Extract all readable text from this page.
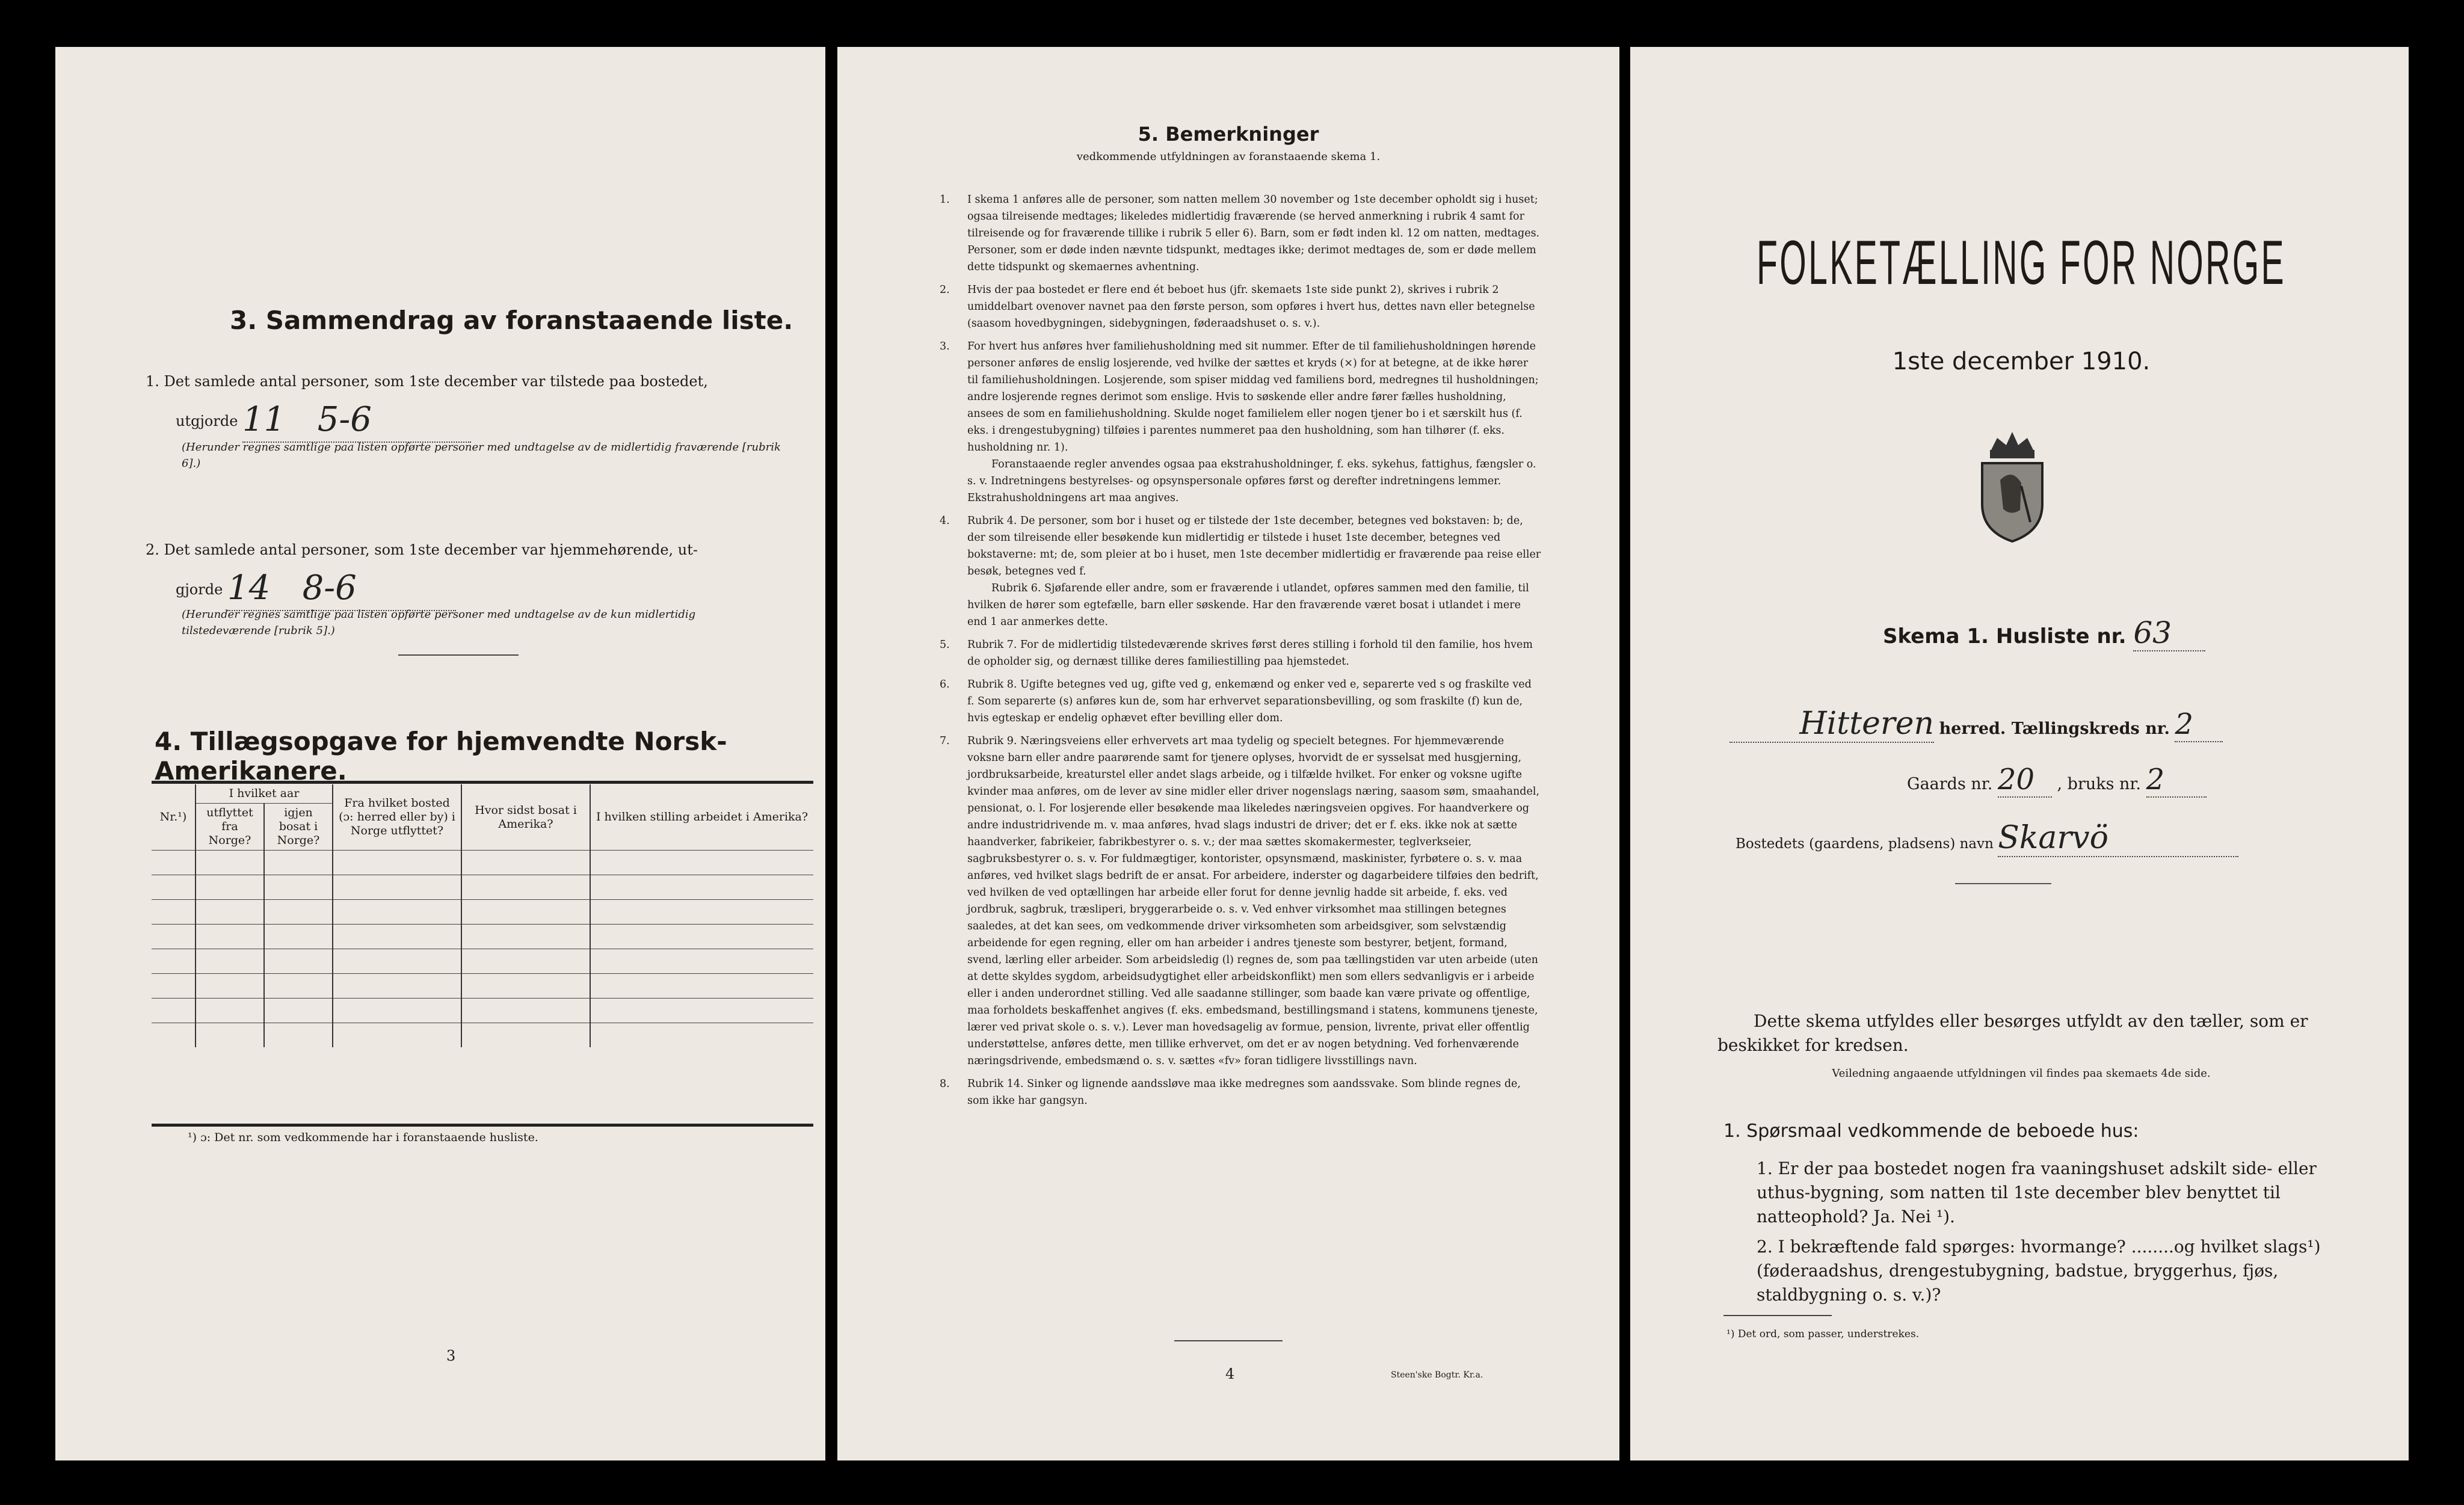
3. Sammendrag av foranstaaende liste.
1. Det samlede antal personer, som 1ste december var tilstede paa bostedet,
utgjorde 11 5-6
(Herunder regnes samtlige paa listen opførte personer med undtagelse av de midlertidig fraværende [rubrik 6].)
2. Det samlede antal personer, som 1ste december var hjemmehørende, ut-
gjorde 14 8-6
(Herunder regnes samtlige paa listen opførte personer med undtagelse av de kun midlertidig tilstedeværende [rubrik 5].)
4. Tillægsopgave for hjemvendte Norsk-Amerikanere.
Nr.¹)	I hvilket aar		Fra hvilket bosted (ɔ: herred eller by) i Norge utflyttet?	Hvor sidst bosat i Amerika?	I hvilken stilling arbeidet i Amerika?
	utflyttet fra Norge?	igjen bosat i Norge?			

¹) ɔ: Det nr. som vedkommende har i foranstaaende husliste.
3
5. Bemerkninger
vedkommende utfyldningen av foranstaaende skema 1.
1. I skema 1 anføres alle de personer, som natten mellem 30 november og 1ste december opholdt sig i huset; ogsaa tilreisende medtages; likeledes midlertidig fraværende (se herved anmerkning i rubrik 4 samt for tilreisende og for fraværende tillike i rubrik 5 eller 6). Barn, som er født inden kl. 12 om natten, medtages. Personer, som er døde inden nævnte tidspunkt, medtages ikke; derimot medtages de, som er døde mellem dette tidspunkt og skemaernes avhentning.

2. Hvis der paa bostedet er flere end ét beboet hus (jfr. skemaets 1ste side punkt 2), skrives i rubrik 2 umiddelbart ovenover navnet paa den første person, som opføres i hvert hus, dettes navn eller betegnelse (saasom hovedbygningen, sidebygningen, føderaadshuset o. s. v.).

3. For hvert hus anføres hver familiehusholdning med sit nummer. Efter de til familiehusholdningen hørende personer anføres de enslig losjerende, ved hvilke der sættes et kryds (×) for at betegne, at de ikke hører til familiehusholdningen. Losjerende, som spiser middag ved familiens bord, medregnes til husholdningen; andre losjerende regnes derimot som enslige. Hvis to søskende eller andre fører fælles husholdning, ansees de som en familiehusholdning. Skulde noget familielem eller nogen tjener bo i et særskilt hus (f. eks. i drengestubygning) tilføies i parentes nummeret paa den husholdning, som han tilhører (f. eks. husholdning nr. 1).

Foranstaaende regler anvendes ogsaa paa ekstrahusholdninger, f. eks. sykehus, fattighus, fængsler o. s. v. Indretningens bestyrelses- og opsynspersonale opføres først og derefter indretningens lemmer. Ekstrahusholdningens art maa angives.

4. Rubrik 4. De personer, som bor i huset og er tilstede der 1ste december, betegnes ved bokstaven: b; de, der som tilreisende eller besøkende kun midlertidig er tilstede i huset 1ste december, betegnes ved bokstaverne: mt; de, som pleier at bo i huset, men 1ste december midlertidig er fraværende paa reise eller besøk, betegnes ved f.

Rubrik 6. Sjøfarende eller andre, som er fraværende i utlandet, opføres sammen med den familie, til hvilken de hører som egtefælle, barn eller søskende. Har den fraværende været bosat i utlandet i mere end 1 aar anmerkes dette.

5. Rubrik 7. For de midlertidig tilstedeværende skrives først deres stilling i forhold til den familie, hos hvem de opholder sig, og dernæst tillike deres familiestilling paa hjemstedet.

6. Rubrik 8. Ugifte betegnes ved ug, gifte ved g, enkemænd og enker ved e, separerte ved s og fraskilte ved f. Som separerte (s) anføres kun de, som har erhvervet separationsbevilling, og som fraskilte (f) kun de, hvis egteskap er endelig ophævet efter bevilling eller dom.

7. Rubrik 9. Næringsveiens eller erhvervets art maa tydelig og specielt betegnes. For hjemmeværende voksne barn eller andre paarørende samt for tjenere oplyses, hvorvidt de er sysselsat med husgjerning, jordbruksarbeide, kreaturstel eller andet slags arbeide, og i tilfælde hvilket. For enker og voksne ugifte kvinder maa anføres, om de lever av sine midler eller driver nogenslags næring, saasom søm, smaahandel, pensionat, o. l. For losjerende eller besøkende maa likeledes næringsveien opgives. For haandverkere og andre industridrivende m. v. maa anføres, hvad slags industri de driver; det er f. eks. ikke nok at sætte haandverker, fabrikeier, fabrikbestyrer o. s. v.; der maa sættes skomakermester, teglverkseier, sagbruksbestyrer o. s. v. For fuldmægtiger, kontorister, opsynsmænd, maskinister, fyrbøtere o. s. v. maa anføres, ved hvilket slags bedrift de er ansat. For arbeidere, inderster og dagarbeidere tilføies den bedrift, ved hvilken de ved optællingen har arbeide eller forut for denne jevnlig hadde sit arbeide, f. eks. ved jordbruk, sagbruk, træsliperi, bryggerarbeide o. s. v. Ved enhver virksomhet maa stillingen betegnes saaledes, at det kan sees, om vedkommende driver virksomheten som arbeidsgiver, som selvstændig arbeidende for egen regning, eller om han arbeider i andres tjeneste som bestyrer, betjent, formand, svend, lærling eller arbeider. Som arbeidsledig (l) regnes de, som paa tællingstiden var uten arbeide (uten at dette skyldes sygdom, arbeidsudygtighet eller arbeidskonflikt) men som ellers sedvanligvis er i arbeide eller i anden underordnet stilling. Ved alle saadanne stillinger, som baade kan være private og offentlige, maa forholdets beskaffenhet angives (f. eks. embedsmand, bestillingsmand i statens, kommunens tjeneste, lærer ved privat skole o. s. v.). Lever man hovedsagelig av formue, pension, livrente, privat eller offentlig understøttelse, anføres dette, men tillike erhvervet, om det er av nogen betydning. Ved forhenværende næringsdrivende, embedsmænd o. s. v. sættes «fv» foran tidligere livsstillings navn.

8. Rubrik 14. Sinker og lignende aandssløve maa ikke medregnes som aandssvake. Som blinde regnes de, som ikke har gangsyn.

4	Steen'ske Bogtr. Kr.a.
FOLKETÆLLING FOR NORGE
1ste december 1910.
Skema 1. Husliste nr. 63
Hitteren herred. Tællingskreds nr. 2
Gaards nr. 20 , bruks nr. 2
Bostedets (gaardens, pladsens) navn Skarvö
Dette skema utfyldes eller besørges utfyldt av den tæller, som er beskikket for kredsen.
Veiledning angaaende utfyldningen vil findes paa skemaets 4de side.
1. Spørsmaal vedkommende de beboede hus:
1. Er der paa bostedet nogen fra vaaningshuset adskilt side- eller uthus-bygning, som natten til 1ste december blev benyttet til natteophold? Ja. Nei ¹).
2. I bekræftende fald spørges: hvormange? ........og hvilket slags¹) (føderaadshus, drengestubygning, badstue, bryggerhus, fjøs, staldbygning o. s. v.)?
¹) Det ord, som passer, understrekes.
